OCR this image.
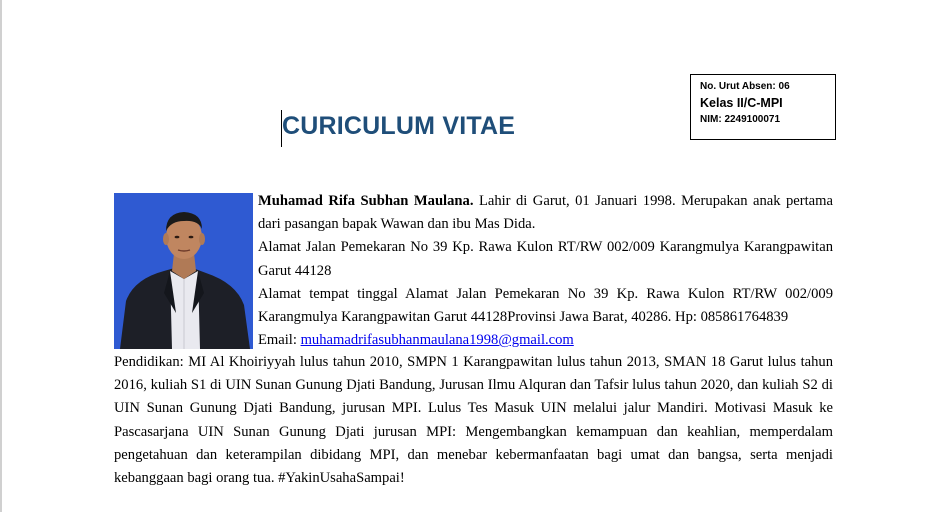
CURICULUM VITAE
No. Urut Absen: 06
Kelas II/C-MPI
NIM: 2249100071

Muhamad Rifa Subhan Maulana. Lahir di Garut, 01 Januari 1998. Merupakan anak pertama dari pasangan bapak Wawan dan ibu Mas Dida.

Alamat Jalan Pemekaran No 39 Kp. Rawa Kulon RT/RW 002/009 Karangmulya Karangpawitan Garut 44128

Alamat tempat tinggal Alamat Jalan Pemekaran No 39 Kp. Rawa Kulon RT/RW 002/009 Karangmulya Karangpawitan Garut 44128Provinsi Jawa Barat, 40286. Hp: 085861764839

Email: muhamadrifasubhanmaulana1998@gmail.com

Pendidikan: MI Al Khoiriyyah lulus tahun 2010, SMPN 1 Karangpawitan lulus tahun 2013, SMAN 18 Garut lulus tahun 2016, kuliah S1 di UIN Sunan Gunung Djati Bandung, Jurusan Ilmu Alquran dan Tafsir lulus tahun 2020, dan kuliah S2 di UIN Sunan Gunung Djati Bandung, jurusan MPI. Lulus Tes Masuk UIN melalui jalur Mandiri. Motivasi Masuk ke Pascasarjana UIN Sunan Gunung Djati jurusan MPI: Mengembangkan kemampuan dan keahlian, memperdalam pengetahuan dan keterampilan dibidang MPI, dan menebar kebermanfaatan bagi umat dan bangsa, serta menjadi kebanggaan bagi orang tua. #YakinUsahaSampai!
